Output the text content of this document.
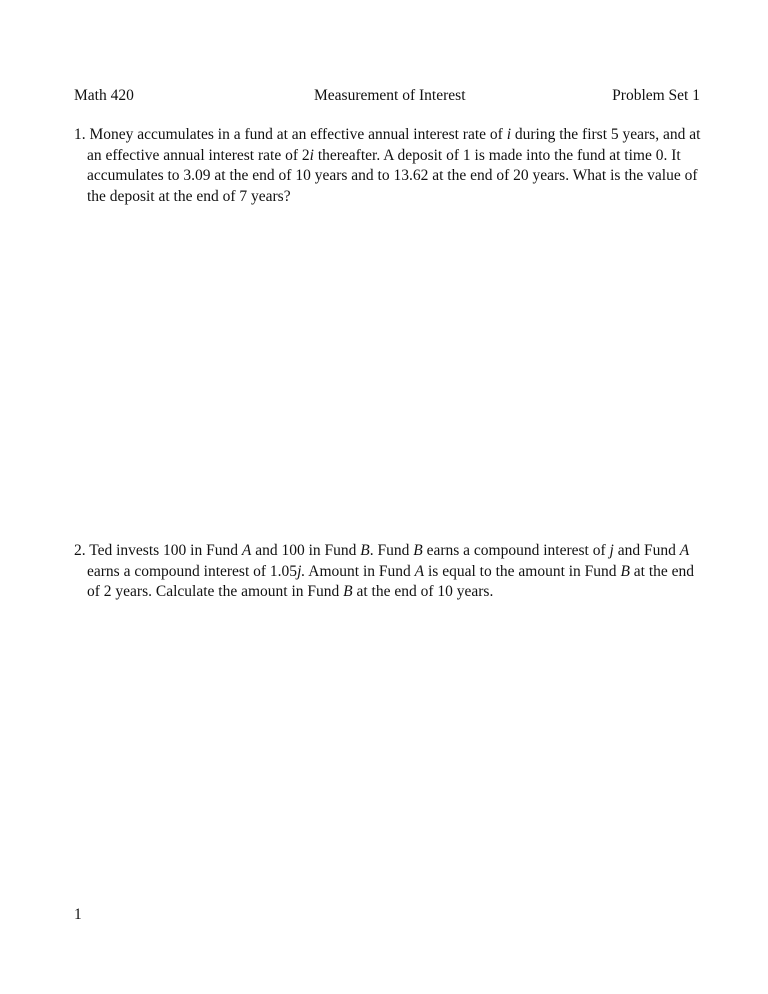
Math 420	Measurement of Interest	Problem Set 1
1. Money accumulates in a fund at an effective annual interest rate of i during the first 5 years, and at an effective annual interest rate of 2i thereafter. A deposit of 1 is made into the fund at time 0. It accumulates to 3.09 at the end of 10 years and to 13.62 at the end of 20 years. What is the value of the deposit at the end of 7 years?
2. Ted invests 100 in Fund A and 100 in Fund B. Fund B earns a compound interest of j and Fund A earns a compound interest of 1.05j. Amount in Fund A is equal to the amount in Fund B at the end of 2 years. Calculate the amount in Fund B at the end of 10 years.
1
